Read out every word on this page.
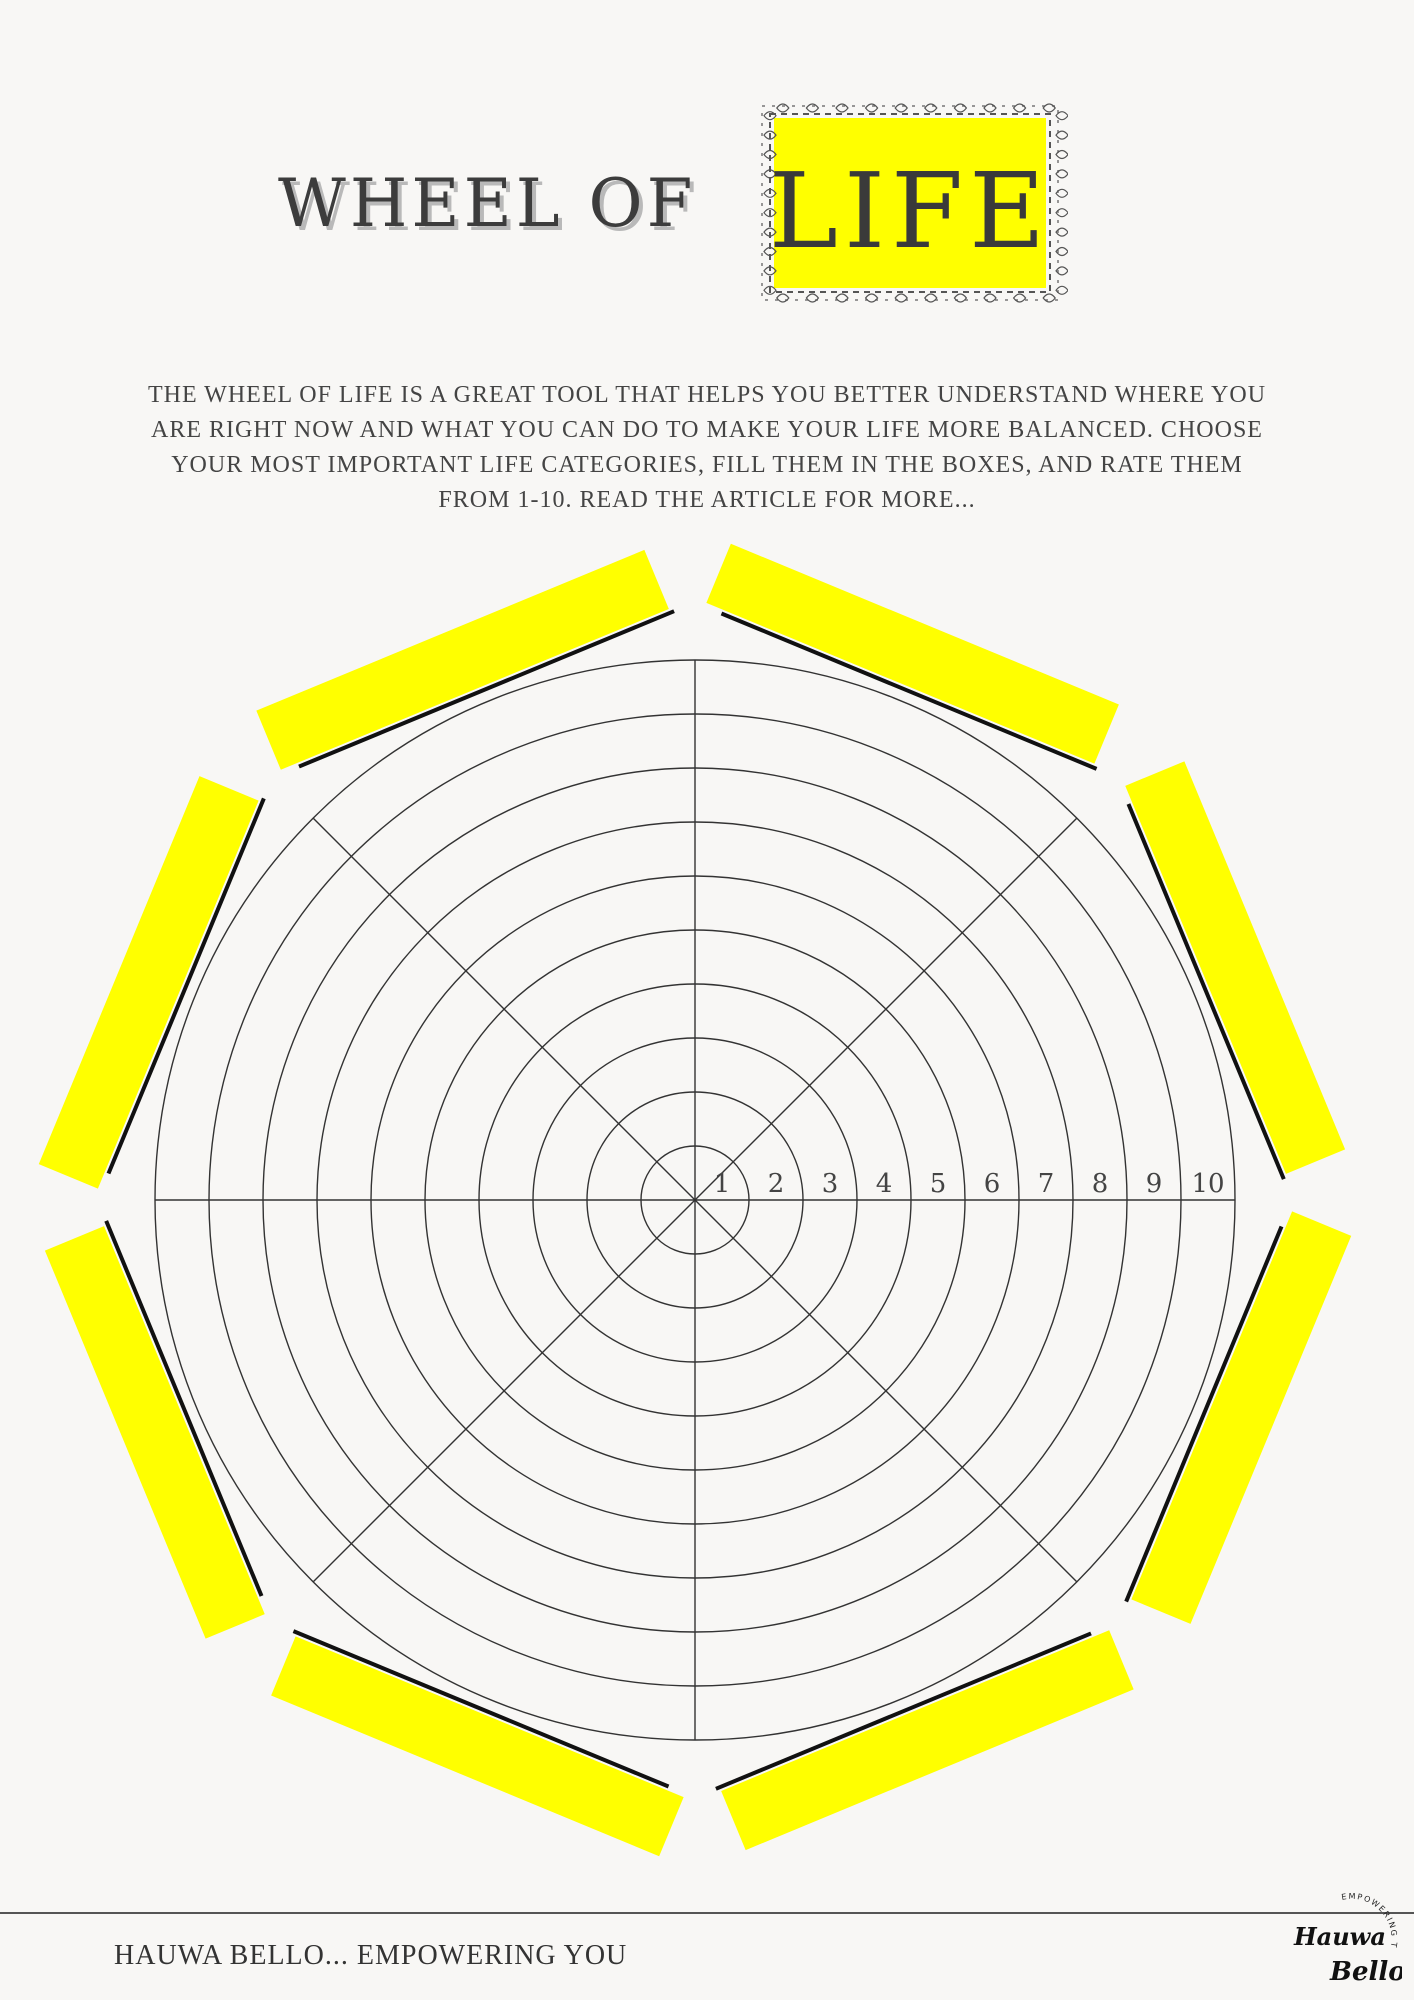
WHEEL OF LIFE
THE WHEEL OF LIFE IS A GREAT TOOL THAT HELPS YOU BETTER UNDERSTAND WHERE YOU ARE RIGHT NOW AND WHAT YOU CAN DO TO MAKE YOUR LIFE MORE BALANCED. CHOOSE YOUR MOST IMPORTANT LIFE CATEGORIES, FILL THEM IN THE BOXES, AND RATE THEM FROM 1-10. READ THE ARTICLE FOR MORE...
1 2 3 4 5 6 7 8 9 10
HAUWA BELLO... EMPOWERING YOU
EMPOWERING T
Hauwa
Bello
